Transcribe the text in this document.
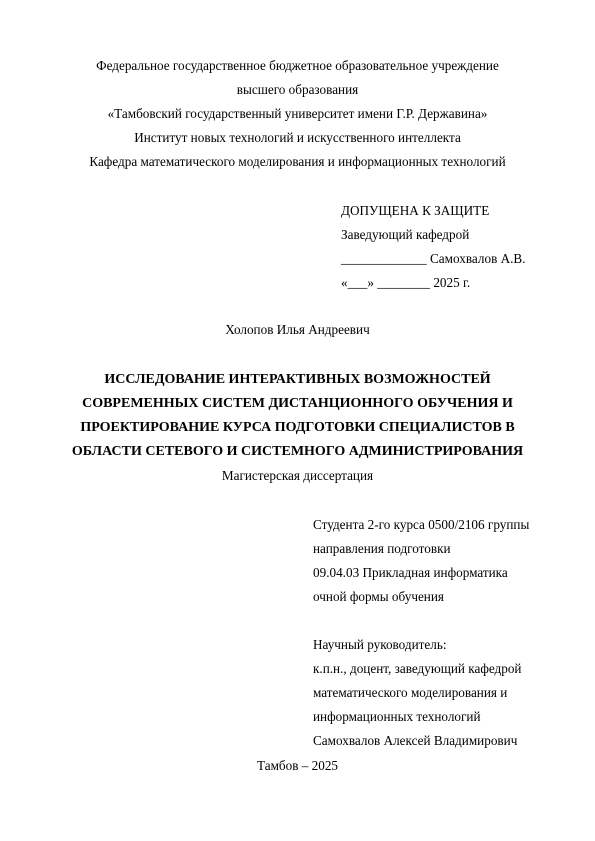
Федеральное государственное бюджетное образовательное учреждение
высшего образования
«Тамбовский государственный университет имени Г.Р. Державина»
Институт новых технологий и искусственного интеллекта
Кафедра математического моделирования и информационных технологий
ДОПУЩЕНА К ЗАЩИТЕ
Заведующий кафедрой
_____________ Самохвалов А.В.
«___» ________ 2025 г.
Холопов Илья Андреевич
ИССЛЕДОВАНИЕ ИНТЕРАКТИВНЫХ ВОЗМОЖНОСТЕЙ
СОВРЕМЕННЫХ СИСТЕМ ДИСТАНЦИОННОГО ОБУЧЕНИЯ И
ПРОЕКТИРОВАНИЕ КУРСА ПОДГОТОВКИ СПЕЦИАЛИСТОВ В
ОБЛАСТИ СЕТЕВОГО И СИСТЕМНОГО АДМИНИСТРИРОВАНИЯ
Магистерская диссертация
Студента 2-го курса 0500/2106 группы
направления подготовки
09.04.03 Прикладная информатика
очной формы обучения
Научный руководитель:
к.п.н., доцент, заведующий кафедрой
математического моделирования и
информационных технологий
Самохвалов Алексей Владимирович
Тамбов – 2025
